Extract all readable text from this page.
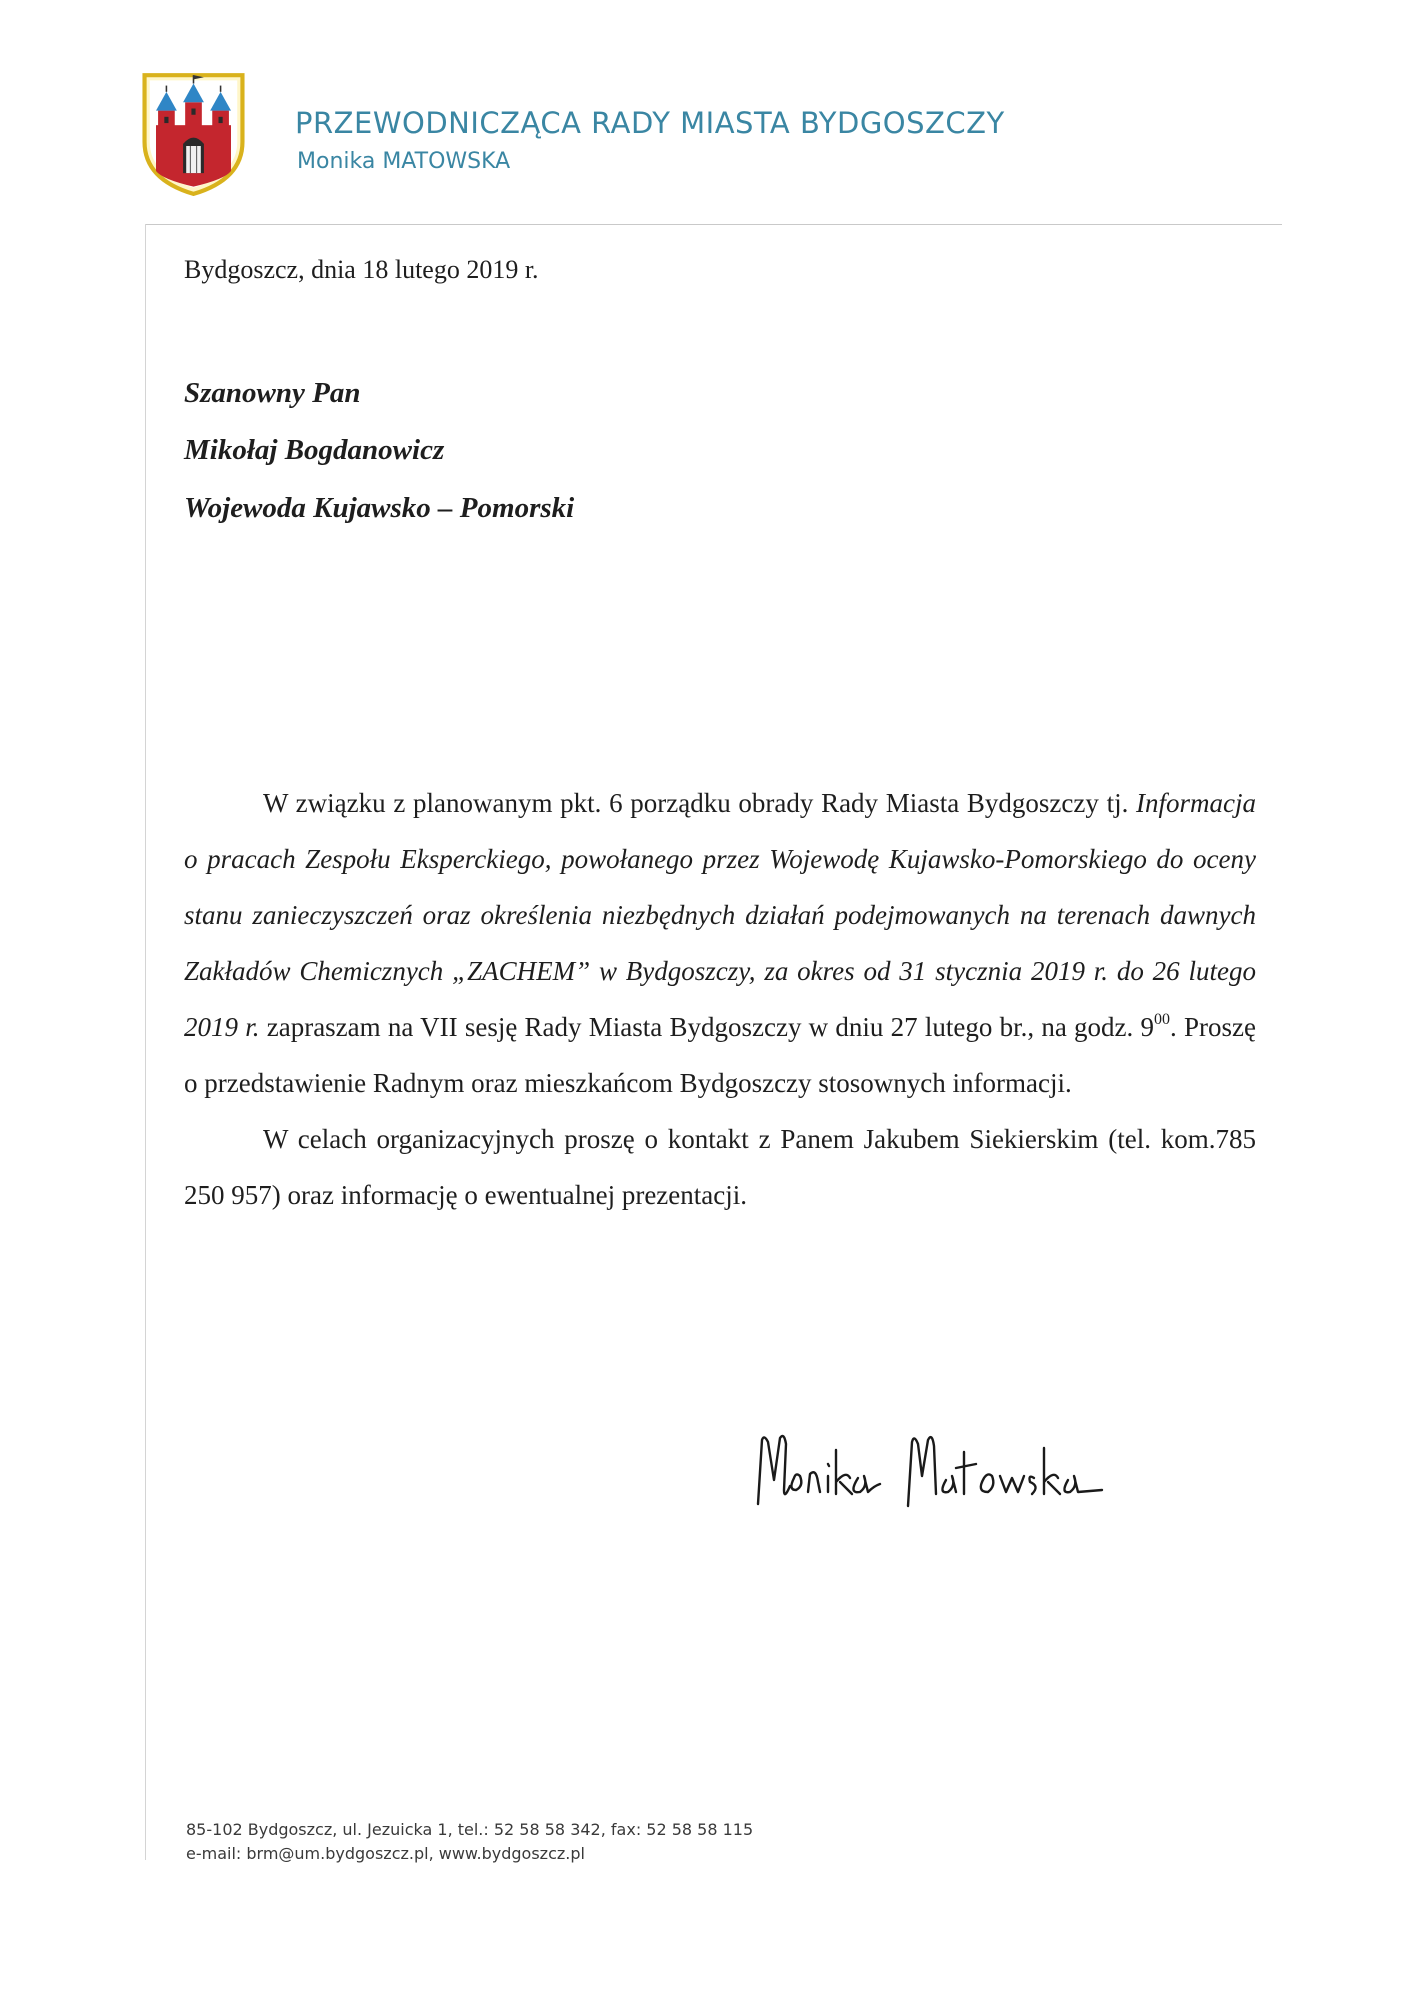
PRZEWODNICZĄCA RADY MIASTA BYDGOSZCZY
Monika MATOWSKA
Bydgoszcz, dnia 18 lutego 2019 r.
Szanowny Pan
Mikołaj Bogdanowicz
Wojewoda Kujawsko – Pomorski

W związku z planowanym pkt. 6 porządku obrady Rady Miasta Bydgoszczy tj. Informacja o pracach Zespołu Eksperckiego, powołanego przez Wojewodę Kujawsko-Pomorskiego do oceny stanu zanieczyszczeń oraz określenia niezbędnych działań podejmowanych na terenach dawnych Zakładów Chemicznych „ZACHEM” w Bydgoszczy, za okres od 31 stycznia 2019 r. do 26 lutego 2019 r. zapraszam na VII sesję Rady Miasta Bydgoszczy w dniu 27 lutego br., na godz. $9^{00}$. Proszę o przedstawienie Radnym oraz mieszkańcom Bydgoszczy stosownych informacji.

W celach organizacyjnych proszę o kontakt z Panem Jakubem Siekierskim (tel. kom.785 250 957) oraz informację o ewentualnej prezentacji.

85-102 Bydgoszcz, ul. Jezuicka 1, tel.: 52 58 58 342, fax: 52 58 58 115
e-mail: brm@um.bydgoszcz.pl, www.bydgoszcz.pl
